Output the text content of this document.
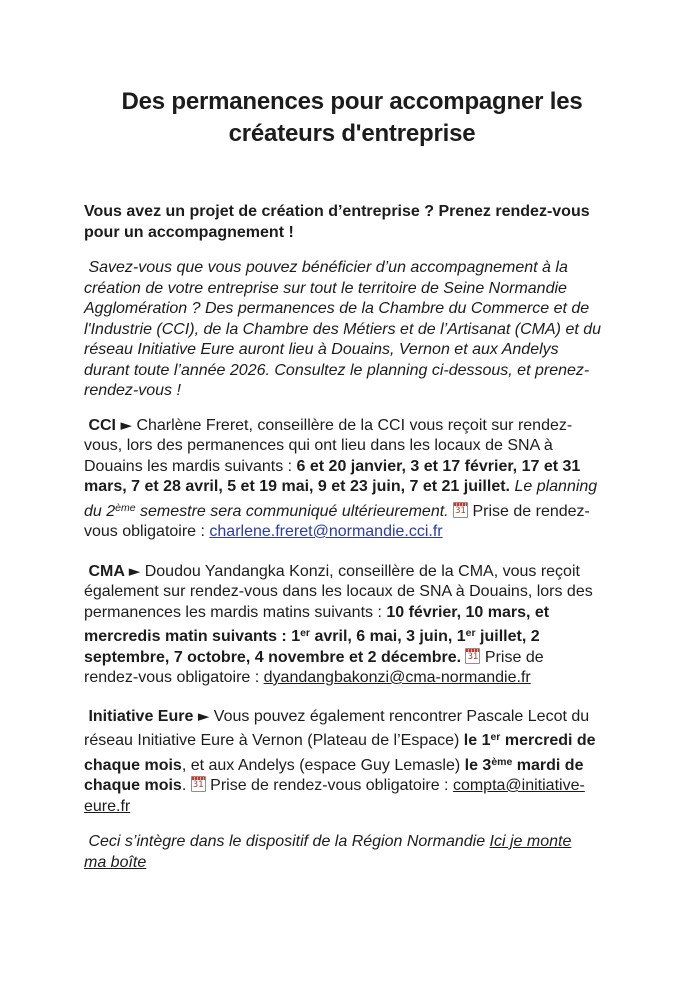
Des permanences pour accompagner les
créateurs d'entreprise
Vous avez un projet de création d’entreprise ? Prenez rendez-vous
pour un accompagnement !
Savez-vous que vous pouvez bénéficier d’un accompagnement à la
création de votre entreprise sur tout le territoire de Seine Normandie
Agglomération ? Des permanences de la Chambre du Commerce et de
l'Industrie (CCI), de la Chambre des Métiers et de l’Artisanat (CMA) et du
réseau Initiative Eure auront lieu à Douains, Vernon et aux Andelys
durant toute l’année 2026. Consultez le planning ci-dessous, et prenez-
rendez-vous !
CCI ► Charlène Freret, conseillère de la CCI vous reçoit sur rendez-
vous, lors des permanences qui ont lieu dans les locaux de SNA à
Douains les mardis suivants : 6 et 20 janvier, 3 et 17 février, 17 et 31
mars, 7 et 28 avril, 5 et 19 mai, 9 et 23 juin, 7 et 21 juillet. Le planning
du 2ème semestre sera communiqué ultérieurement. 31 Prise de rendez-
vous obligatoire : charlene.freret@normandie.cci.fr
CMA ► Doudou Yandangka Konzi, conseillère de la CMA, vous reçoit
également sur rendez-vous dans les locaux de SNA à Douains, lors des
permanences les mardis matins suivants : 10 février, 10 mars, et
mercredis matin suivants : 1er avril, 6 mai, 3 juin, 1er juillet, 2
septembre, 7 octobre, 4 novembre et 2 décembre. 31 Prise de
rendez-vous obligatoire : dyandangbakonzi@cma-normandie.fr
Initiative Eure ► Vous pouvez également rencontrer Pascale Lecot du
réseau Initiative Eure à Vernon (Plateau de l’Espace) le 1er mercredi de
chaque mois, et aux Andelys (espace Guy Lemasle) le 3ème mardi de
chaque mois. 31 Prise de rendez-vous obligatoire : compta@initiative-
eure.fr
Ceci s’intègre dans le dispositif de la Région Normandie Ici je monte
ma boîte
